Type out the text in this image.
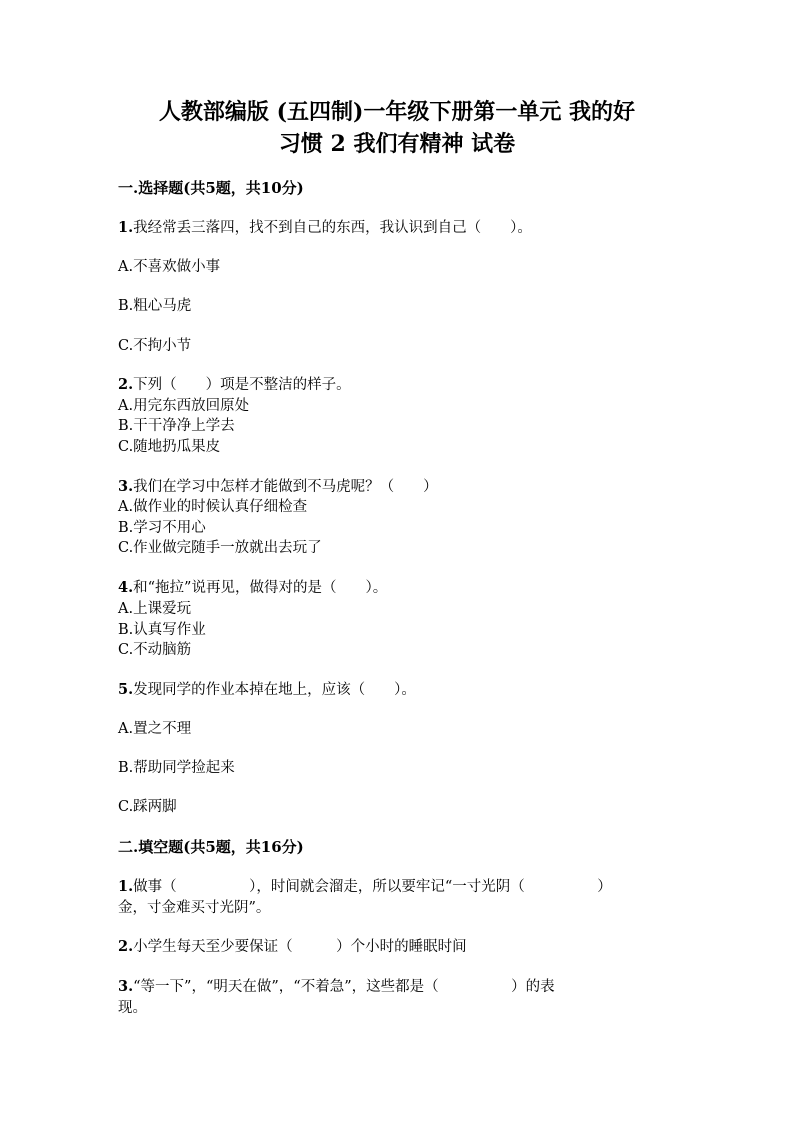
人教部编版 (五四制)一年级下册第一单元 我的好
习惯 2 我们有精神 试卷
一.选择题(共5题，共10分)
1.我经常丢三落四，找不到自己的东西，我认识到自己（　　）。
A.不喜欢做小事
B.粗心马虎
C.不拘小节
2.下列（　　）项是不整洁的样子。
A.用完东西放回原处
B.干干净净上学去
C.随地扔瓜果皮
3.我们在学习中怎样才能做到不马虎呢？（　　）
A.做作业的时候认真仔细检查
B.学习不用心
C.作业做完随手一放就出去玩了
4.和“拖拉”说再见，做得对的是（　　）。
A.上课爱玩
B.认真写作业
C.不动脑筋
5.发现同学的作业本掉在地上，应该（　　）。
A.置之不理
B.帮助同学捡起来
C.踩两脚
二.填空题(共5题，共16分)
1.做事（　　　　　），时间就会溜走，所以要牢记“一寸光阴（　　　　　）
金，寸金难买寸光阴”。
2.小学生每天至少要保证（　　　）个小时的睡眠时间
3.“等一下”，“明天在做”，“不着急”，这些都是（　　　　　）的表
现。
